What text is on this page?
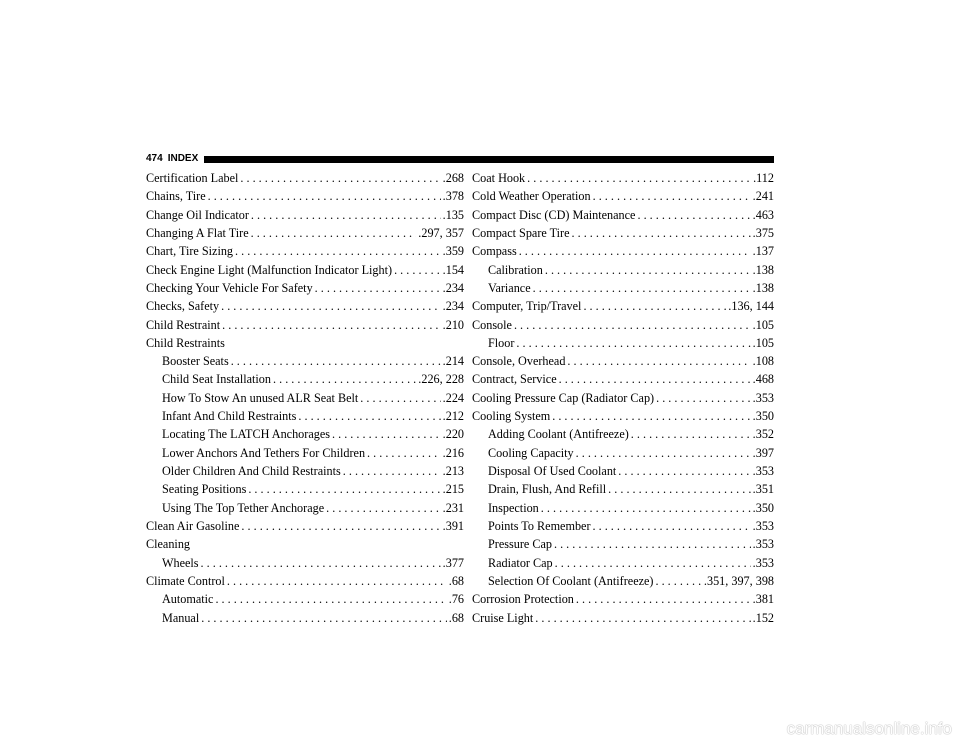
474 INDEX
Certification Label . . .	.268
Chains, Tire . . .	.378
Change Oil Indicator . . .	.135
Changing A Flat Tire . . .	.297, 357
Chart, Tire Sizing . . .	.359
Check Engine Light (Malfunction Indicator Light) . . .	.154
Checking Your Vehicle For Safety . . .	.234
Checks, Safety . . .	.234
Child Restraint . . .	.210
Child Restraints
Booster Seats . . .	.214
Child Seat Installation . . .	.226, 228
How To Stow An unused ALR Seat Belt . . .	.224
Infant And Child Restraints . . .	.212
Locating The LATCH Anchorages . . .	.220
Lower Anchors And Tethers For Children . . .	.216
Older Children And Child Restraints . . .	.213
Seating Positions . . .	.215
Using The Top Tether Anchorage . . .	.231
Clean Air Gasoline . . .	.391
Cleaning
Wheels . . .	.377
Climate Control . . .	.68
Automatic . . .	.76
Manual . . .	.68
Coat Hook . . .	.112
Cold Weather Operation . . .	.241
Compact Disc (CD) Maintenance . . .	.463
Compact Spare Tire . . .	.375
Compass . . .	.137
Calibration . . .	.138
Variance . . .	.138
Computer, Trip/Travel . . .	.136, 144
Console . . .	.105
Floor . . .	.105
Console, Overhead . . .	.108
Contract, Service . . .	.468
Cooling Pressure Cap (Radiator Cap) . . .	.353
Cooling System . . .	.350
Adding Coolant (Antifreeze) . . .	.352
Cooling Capacity . . .	.397
Disposal Of Used Coolant . . .	.353
Drain, Flush, And Refill . . .	.351
Inspection . . .	.350
Points To Remember . . .	.353
Pressure Cap . . .	.353
Radiator Cap . . .	.353
Selection Of Coolant (Antifreeze) . . .	.351, 397, 398
Corrosion Protection . . .	.381
Cruise Light . . .	.152
carmanualsonline.info
